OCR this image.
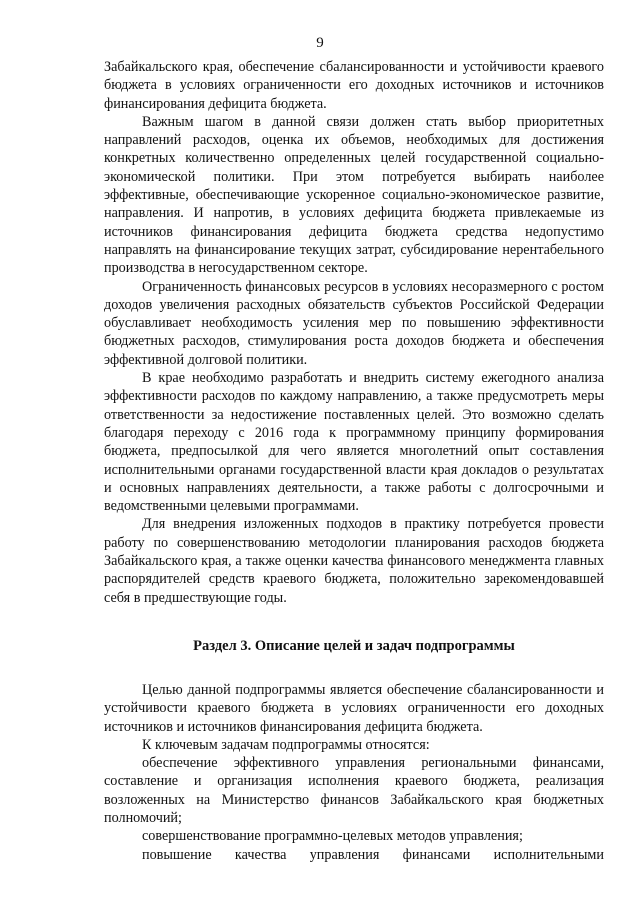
9

Забайкальского края, обеспечение сбалансированности и устойчивости краевого бюджета в условиях ограниченности его доходных источников и источников финансирования дефицита бюджета.

Важным шагом в данной связи должен стать выбор приоритетных направлений расходов, оценка их объемов, необходимых для достижения конкретных количественно определенных целей государственной социально-экономической политики. При этом потребуется выбирать наиболее эффективные, обеспечивающие ускоренное социально-экономическое развитие, направления. И напротив, в условиях дефицита бюджета привлекаемые из источников финансирования дефицита бюджета средства недопустимо направлять на финансирование текущих затрат, субсидирование нерентабельного производства в негосударственном секторе.

Ограниченность финансовых ресурсов в условиях несоразмерного с ростом доходов увеличения расходных обязательств субъектов Российской Федерации обуславливает необходимость усиления мер по повышению эффективности бюджетных расходов, стимулирования роста доходов бюджета и обеспечения эффективной долговой политики.

В крае необходимо разработать и внедрить систему ежегодного анализа эффективности расходов по каждому направлению, а также предусмотреть меры ответственности за недостижение поставленных целей. Это возможно сделать благодаря переходу с 2016 года к программному принципу формирования бюджета, предпосылкой для чего является многолетний опыт составления исполнительными органами государственной власти края докладов о результатах и основных направлениях деятельности, а также работы с долгосрочными и ведомственными целевыми программами.

Для внедрения изложенных подходов в практику потребуется провести работу по совершенствованию методологии планирования расходов бюджета Забайкальского края, а также оценки качества финансового менеджмента главных распорядителей средств краевого бюджета, положительно зарекомендовавшей себя в предшествующие годы.

Раздел 3. Описание целей и задач подпрограммы

Целью данной подпрограммы является обеспечение сбалансированности и устойчивости краевого бюджета в условиях ограниченности его доходных источников и источников финансирования дефицита бюджета.

К ключевым задачам подпрограммы относятся:

обеспечение эффективного управления региональными финансами, составление и организация исполнения краевого бюджета, реализация возложенных на Министерство финансов Забайкальского края бюджетных полномочий;

совершенствование программно-целевых методов управления;

повышение качества управления финансами исполнительными
